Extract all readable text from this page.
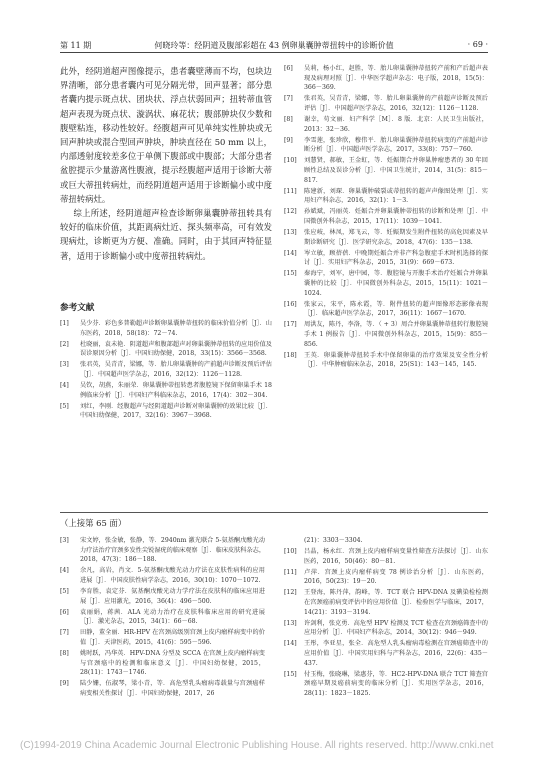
第 11 期	何晓玲等：经阴道及腹部彩超在 43 例卵巢囊肿蒂扭转中的诊断价值	· 69 ·

此外，经阴道超声图像提示，患者囊壁薄而不均，包块边界清晰，部分患者囊内可见分隔光带，回声显著；部分患者囊内提示斑点状、团块状、浮点状弱回声；扭转蒂血管超声表现为斑点状、漩涡状、麻花状；腹部肿块仅少数和腹壁粘连，移动性较好。经腹超声可见单纯实性肿块或无回声肿块或混合型回声肿块，肿块直径在 50 mm 以上，内部透射度较差多位于单侧下腹部或中腹部；大部分患者盆腔提示少量游离性腹液，提示经腹超声适用于诊断大蒂或巨大蒂扭转病灶，而经阴道超声适用于诊断偏小或中度蒂扭转病灶。

综上所述，经阴道超声检查诊断卵巢囊肿蒂扭转具有较好的临床价值，其距离病灶近、探头频率高，可有效发现病灶，诊断更为方便、准确。同时，由于其回声特征显著，适用于诊断偏小或中度蒂扭转病灶。

参考文献
[1] 吴少芬．彩色多普勒超声诊断卵巢囊肿蒂扭转的临床价值分析［J］．山东医药，2018，58(18)：72－74.
[2] 杜晓丽，袁未艳．阴道超声和腹部超声对卵巢囊肿蒂扭转的应用价值及误诊原因分析［J］．中国妇幼保健，2018，33(15)：3566－3568.
[3] 张君英，吴青青，梁娜，等．胎儿卵巢囊肿的产前超声诊断及预后评估［J］．中国超声医学杂志，2016，32(12)：1126－1128.
[4] 吴钦，胡燕，朱丽荣．卵巢囊肿蒂扭转患者腹腔镜下保留卵巢手术 18 例临床分析［J］．中国妇产科临床杂志，2016，17(4)：302－304.
[5] 刘红，李刚．经腹超声与经阴道超声诊断对卵巢囊肿的效果比较［J］．中国妇幼保健，2017，32(16)：3967－3968.
[6] 吴莉，杨小红，赵胜，等．胎儿卵巢囊肿蒂扭转产前和产后超声表现及病理对照［J］．中华医学超声杂志：电子版，2018，15(5)：366－369.
[7] 张君英，吴青青，梁娜，等．胎儿卵巢囊肿的产前超声诊断及预后评估［J］．中国超声医学杂志，2016，32(12)：1126－1128.
[8] 谢幸，苟文丽．妇产科学［M］．8 版．北京：人民卫生出版社，2013：32－36.
[9] 李雪莲，张珍欣，穆伟平．胎儿卵巢囊肿蒂扭转病变的产前超声诊断分析［J］．中国超声医学杂志，2017，33(8)：757－760.
[10] 刘慧贤，郝敏，王金虹，等．妊娠期合并卵巢肿瘤患者的 30 年回顾性总结及误诊分析［J］．中国卫生统计，2014，31(5)：815－817.
[11] 陈建新，刘琛．卵巢囊肿破裂或蒂扭转的超声声像图处理［J］．实用妇产科杂志，2016，32(1)：1－3.
[12] 孙斌斌，冯丽英．妊娠合并卵巢囊肿蒂扭转的诊断和处理［J］．中国微创外科杂志，2015，17(11)：1039－1041.
[13] 张应岐，林凤，郑飞云，等．妊娠期发生附件扭转的高危因素及早期诊断研究［J］．医学研究杂志，2018，47(6)：135－138.
[14] 岑立敏，顾蓓蓓．中晚期妊娠合并非产科急腹症手术时机选择的探讨［J］．实用妇产科杂志，2015，31(9)：669－673.
[15] 秦海宁，刘军，唐中园，等．腹腔镜与开腹手术治疗妊娠合并卵巢囊肿的比较［J］．中国微创外科杂志，2015，15(11)：1021－1024.
[16] 张家云，宋平，陈永霞，等．附件扭转的超声图像形态影像表现［J］．临床超声医学杂志，2017，36(11)：1667－1670.
[17] 周洪友，陈丹，李洛，等．（ + 3）周合并卵巢囊肿蒂扭转行腹腔镜手术 1 例报告［J］．中国微创外科杂志，2015，15(9)：855－856.
[18] 王英．卵巢囊肿蒂扭转手术中保留卵巢的治疗效果及安全性分析［J］．中华肿瘤临床杂志，2018，25(S1)：143－145，145.
（上接第 65 面）
[3] 宋文婷，张金敏，张静，等．2940nm 激光联合 5-氨基酮戊酸光动力疗法治疗宫颈多发性尖锐湿疣的临床观察［J］．临床皮肤科杂志，2018，47(3)：186－188.
[4] 余凡，高岩，肖文．5-氨基酮戊酸光动力疗法在皮肤性病科的应用进展［J］．中国皮肤性病学杂志，2016，30(10)：1070－1072.
[5] 李育胜，袁定芬．氨基酮戊酸光动力学疗法在皮肤科的临床应用进展［J］．应用激光，2016，36(4)：496－500.
[6] 袁丽娟，蒋茜．ALA 光动力治疗在皮肤科临床应用的研究进展［J］．激光杂志，2015，34(1)：66－68.
[7] 田静，董全丽．HR-HPV 在宫颈高级别宫颈上皮内瘤样病变中的价值［J］．天津医药，2015，41(6)：595－596.
[8] 姚时跃，冯华英．HPV-DNA 分型及 SCCA 在宫颈上皮内瘤样病变与宫颈癌中的检测和临床意义［J］．中国妇幼保健，2015，28(11)：1743－1746.
[9] 陆少姗，伍淑琴，梁小青，等．高危型乳头瘤病毒载量与宫颈癌样病变相关性探讨［J］．中国妇幼保健，2017，26
(21)：3303－3304.
[10] 吕晶，杨永红．宫颈上皮内瘤样病变量性筛查方法探讨［J］．山东医药，2016，50(46)：80－81.
[11] 卢萍．宫颈上皮内瘤样病变 78 例诊治分析［J］．山东医药，2016，50(23)：19－20.
[12] 王登海，陈丹萍，韵峰，等．TCT 联合 HPV-DNA 及碘染检检测在宫颈癌前病变评估中的应用价值［J］．检验医学与临床，2017，14(21)：3193－3194.
[13] 许剑利，张克勇．高危型 HPV 检测及 TCT 检查在宫颈癌筛查中的应用分析［J］．中国妇产科杂志，2014，30(12)：946－949.
[14] 王彤，李亚星，张全．高危型人乳头瘤病毒检测在宫颈癌筛查中的应用价值［J］．中国实用妇科与产科杂志，2016，22(6)：435－437.
[15] 付玉梅，张晓琳，梁惠芬，等．HC2-HPV-DNA 联合 TCT 筛查宫颈癌早期及癌前病变的临床分析［J］．实用医学杂志，2016，28(11)：1823－1825.
(C)1994-2019 China Academic Journal Electronic Publishing House. All rights reserved. http://www.cnki.net
